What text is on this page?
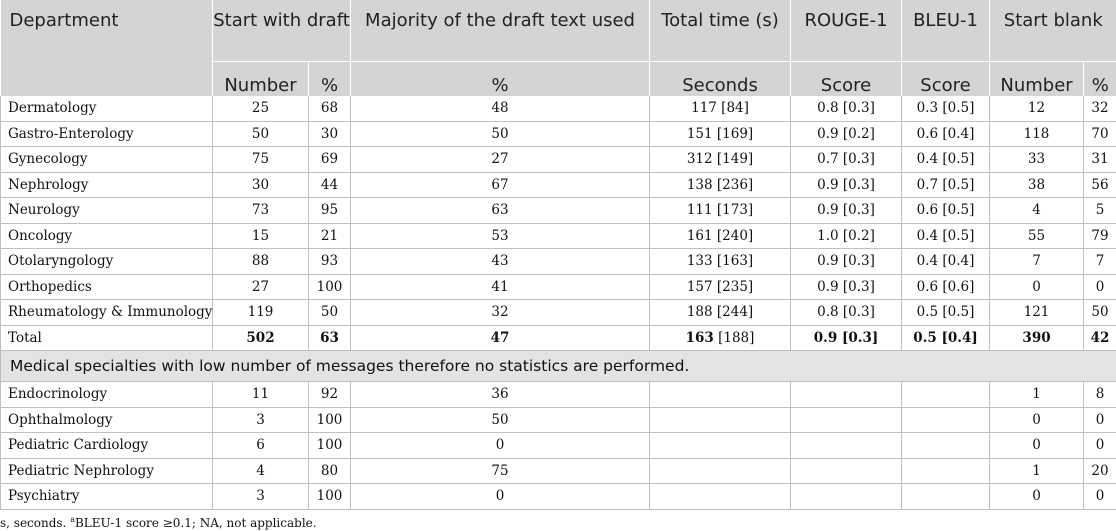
Department	Start with draft		Majority of the draft text used	Total time (s)	ROUGE-1	BLEU-1	Start blank	
	Number	%	%	Seconds	Score	Score	Number	%
Dermatology	25	68	48	117 [84]	0.8 [0.3]	0.3 [0.5]	12	32
Gastro-Enterology	50	30	50	151 [169]	0.9 [0.2]	0.6 [0.4]	118	70
Gynecology	75	69	27	312 [149]	0.7 [0.3]	0.4 [0.5]	33	31
Nephrology	30	44	67	138 [236]	0.9 [0.3]	0.7 [0.5]	38	56
Neurology	73	95	63	111 [173]	0.9 [0.3]	0.6 [0.5]	4	5
Oncology	15	21	53	161 [240]	1.0 [0.2]	0.4 [0.5]	55	79
Otolaryngology	88	93	43	133 [163]	0.9 [0.3]	0.4 [0.4]	7	7
Orthopedics	27	100	41	157 [235]	0.9 [0.3]	0.6 [0.6]	0	0
Rheumatology & Immunology	119	50	32	188 [244]	0.8 [0.3]	0.5 [0.5]	121	50
Total	502	63	47	163 [188]	0.9 [0.3]	0.5 [0.4]	390	42
Medical specialties with low number of messages therefore no statistics are performed.								
Endocrinology	11	92	36				1	8
Ophthalmology	3	100	50				0	0
Pediatric Cardiology	6	100	0				0	0
Pediatric Nephrology	4	80	75				1	20
Psychiatry	3	100	0				0	0
s, seconds. $^a$BLEU-1 score ≥0.1; NA, not applicable.
